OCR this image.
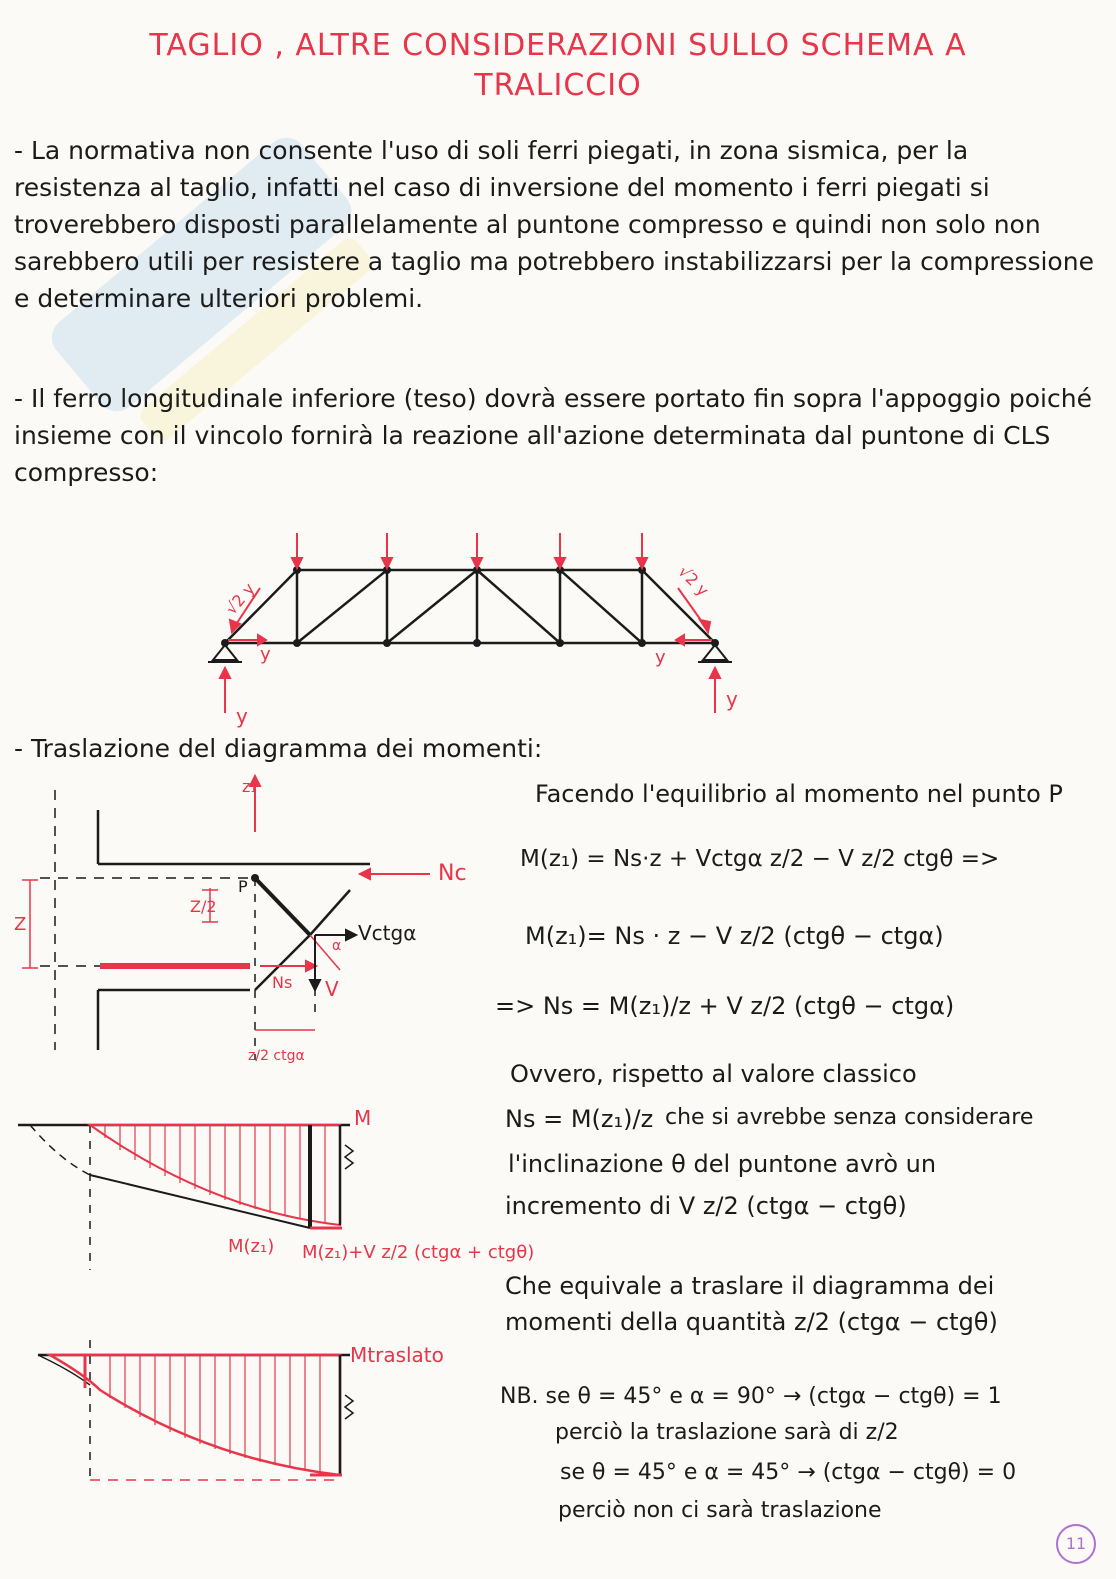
TAGLIO , ALTRE CONSIDERAZIONI SULLO SCHEMA A
TRALICCIO
- La normativa non consente l'uso di soli ferri piegati, in zona sismica, per la resistenza al taglio, infatti nel caso di inversione del momento i ferri piegati si troverebbero disposti parallelamente al puntone compresso e quindi non solo non sarebbero utili per resistere a taglio ma potrebbero instabilizzarsi per la compressione e determinare ulteriori problemi.
- Il ferro longitudinale inferiore (teso) dovrà essere portato fin sopra l'appoggio poiché insieme con il vincolo fornirà la reazione all'azione determinata dal puntone di CLS compresso:
y
y
y	y
√2 y	√2 y
- Traslazione del diagramma dei momenti:
z₁
P
Z/2
Z
Nc
Ns V
Vctgα
α
z/2 ctgα
Facendo l'equilibrio al momento nel punto P
M(z₁) = Ns·z + Vctgα z/2 − V z/2 ctgθ =>
M(z₁)= Ns · z − V z/2 (ctgθ − ctgα)
=> Ns = M(z₁)/z + V z/2 (ctgθ − ctgα)
Ovvero, rispetto al valore classico
Ns = M(z₁)/z che si avrebbe senza considerare
l'inclinazione θ del puntone avrò un
incremento di V z/2 (ctgα − ctgθ)
M
M(z₁) M(z₁)+V z/2 (ctgα + ctgθ)
Che equivale a traslare il diagramma dei
momenti della quantità z/2 (ctgα − ctgθ)
Mtraslato
NB. se θ = 45° e α = 90° → (ctgα − ctgθ) = 1
perciò la traslazione sarà di z/2
se θ = 45° e α = 45° → (ctgα − ctgθ) = 0
perciò non ci sarà traslazione
11
